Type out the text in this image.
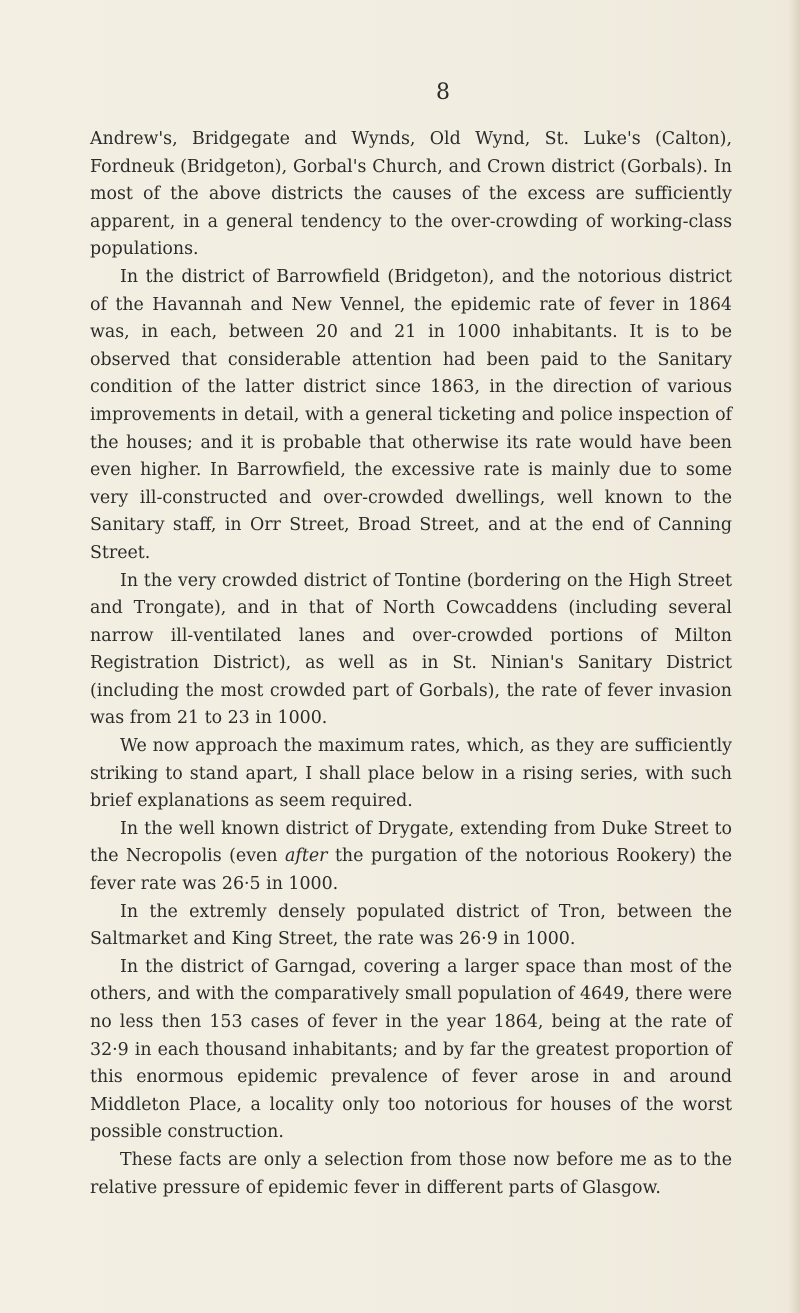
8

Andrew's, Bridgegate and Wynds, Old Wynd, St. Luke's (Calton), Fordneuk (Bridgeton), Gorbal's Church, and Crown district (Gorbals). In most of the above districts the causes of the excess are sufficiently apparent, in a general tendency to the over-crowding of working-class populations.

In the district of Barrowfield (Bridgeton), and the notorious district of the Havannah and New Vennel, the epidemic rate of fever in 1864 was, in each, between 20 and 21 in 1000 inhabitants. It is to be observed that considerable attention had been paid to the Sanitary condition of the latter district since 1863, in the direction of various improvements in detail, with a general ticketing and police inspection of the houses; and it is probable that otherwise its rate would have been even higher. In Barrowfield, the excessive rate is mainly due to some very ill-constructed and over-crowded dwellings, well known to the Sanitary staff, in Orr Street, Broad Street, and at the end of Canning Street.

In the very crowded district of Tontine (bordering on the High Street and Trongate), and in that of North Cowcaddens (including several narrow ill-ventilated lanes and over-crowded portions of Milton Registration District), as well as in St. Ninian's Sanitary District (including the most crowded part of Gorbals), the rate of fever invasion was from 21 to 23 in 1000.

We now approach the maximum rates, which, as they are sufficiently striking to stand apart, I shall place below in a rising series, with such brief explanations as seem required.

In the well known district of Drygate, extending from Duke Street to the Necropolis (even after the purgation of the notorious Rookery) the fever rate was 26·5 in 1000.

In the extremly densely populated district of Tron, between the Saltmarket and King Street, the rate was 26·9 in 1000.

In the district of Garngad, covering a larger space than most of the others, and with the comparatively small population of 4649, there were no less then 153 cases of fever in the year 1864, being at the rate of 32·9 in each thousand inhabitants; and by far the greatest proportion of this enormous epidemic prevalence of fever arose in and around Middleton Place, a locality only too notorious for houses of the worst possible construction.

These facts are only a selection from those now before me as to the relative pressure of epidemic fever in different parts of Glasgow.
